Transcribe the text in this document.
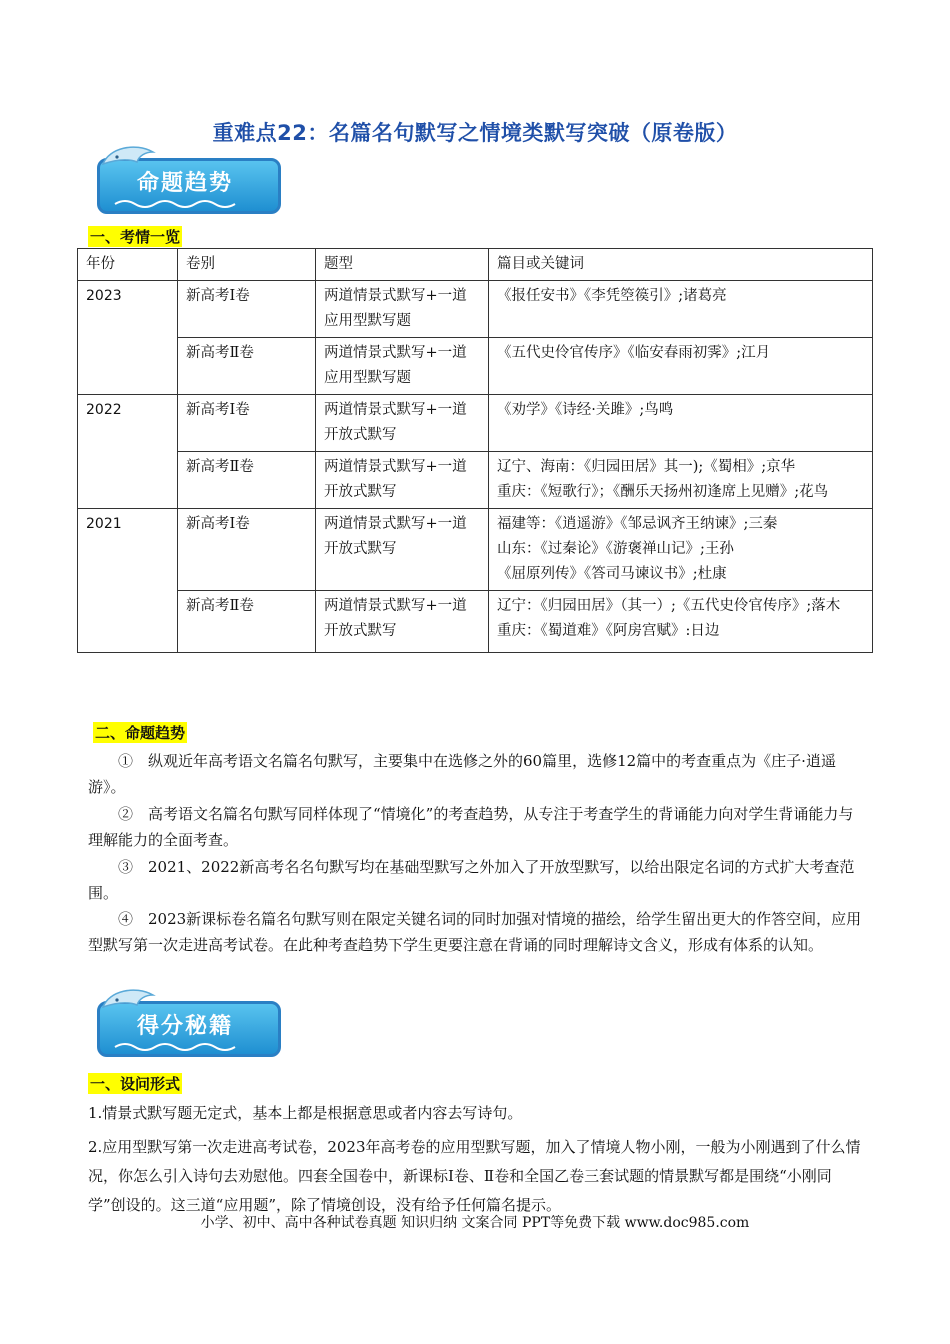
重难点22：名篇名句默写之情境类默写突破（原卷版）
命题趋势
一、考情一览
年份	卷别	题型	篇目或关键词
2023	新高考Ⅰ卷	两道情景式默写+一道应用型默写题	《报任安书》《李凭箜篌引》;诸葛亮

	新高考Ⅱ卷	两道情景式默写+一道应用型默写题	《五代史伶官传序》《临安春雨初霁》;江月

2022	新高考Ⅰ卷	两道情景式默写+一道开放式默写	《劝学》《诗经·关雎》;鸟鸣

	新高考Ⅱ卷	两道情景式默写+一道开放式默写	辽宁、海南：《归园田居》其一);《蜀相》;京华
重庆：《短歌行》；《酬乐天扬州初逢席上见赠》;花鸟

2021	新高考Ⅰ卷	两道情景式默写+一道开放式默写	福建等：《逍遥游》《邹忌讽齐王纳谏》;三秦
山东：《过秦论》《游褒禅山记》;王孙
《屈原列传》《答司马谏议书》;杜康

	新高考Ⅱ卷	两道情景式默写+一道开放式默写	辽宁：《归园田居》（其一）;《五代史伶官传序》;落木
重庆：《蜀道难》《阿房宫赋》:日边
二、命题趋势

①　纵观近年高考语文名篇名句默写，主要集中在选修之外的60篇里，选修12篇中的考查重点为《庄子·逍遥游》。

②　高考语文名篇名句默写同样体现了“情境化”的考查趋势，从专注于考查学生的背诵能力向对学生背诵能力与理解能力的全面考查。

③　2021、2022新高考名名句默写均在基础型默写之外加入了开放型默写，以给出限定名词的方式扩大考查范围。

④　2023新课标卷名篇名句默写则在限定关键名词的同时加强对情境的描绘，给学生留出更大的作答空间，应用型默写第一次走进高考试卷。在此种考查趋势下学生更要注意在背诵的同时理解诗文含义，形成有体系的认知。

得分秘籍
一、设问形式

1.情景式默写题无定式，基本上都是根据意思或者内容去写诗句。

2.应用型默写第一次走进高考试卷，2023年高考卷的应用型默写题，加入了情境人物小刚，一般为小刚遇到了什么情况，你怎么引入诗句去劝慰他。四套全国卷中，新课标Ⅰ卷、Ⅱ卷和全国乙卷三套试题的情景默写都是围绕“小刚同学”创设的。这三道“应用题”，除了情境创设，没有给予任何篇名提示。

小学、初中、高中各种试卷真题 知识归纳 文案合同 PPT等免费下载 www.doc985.com
